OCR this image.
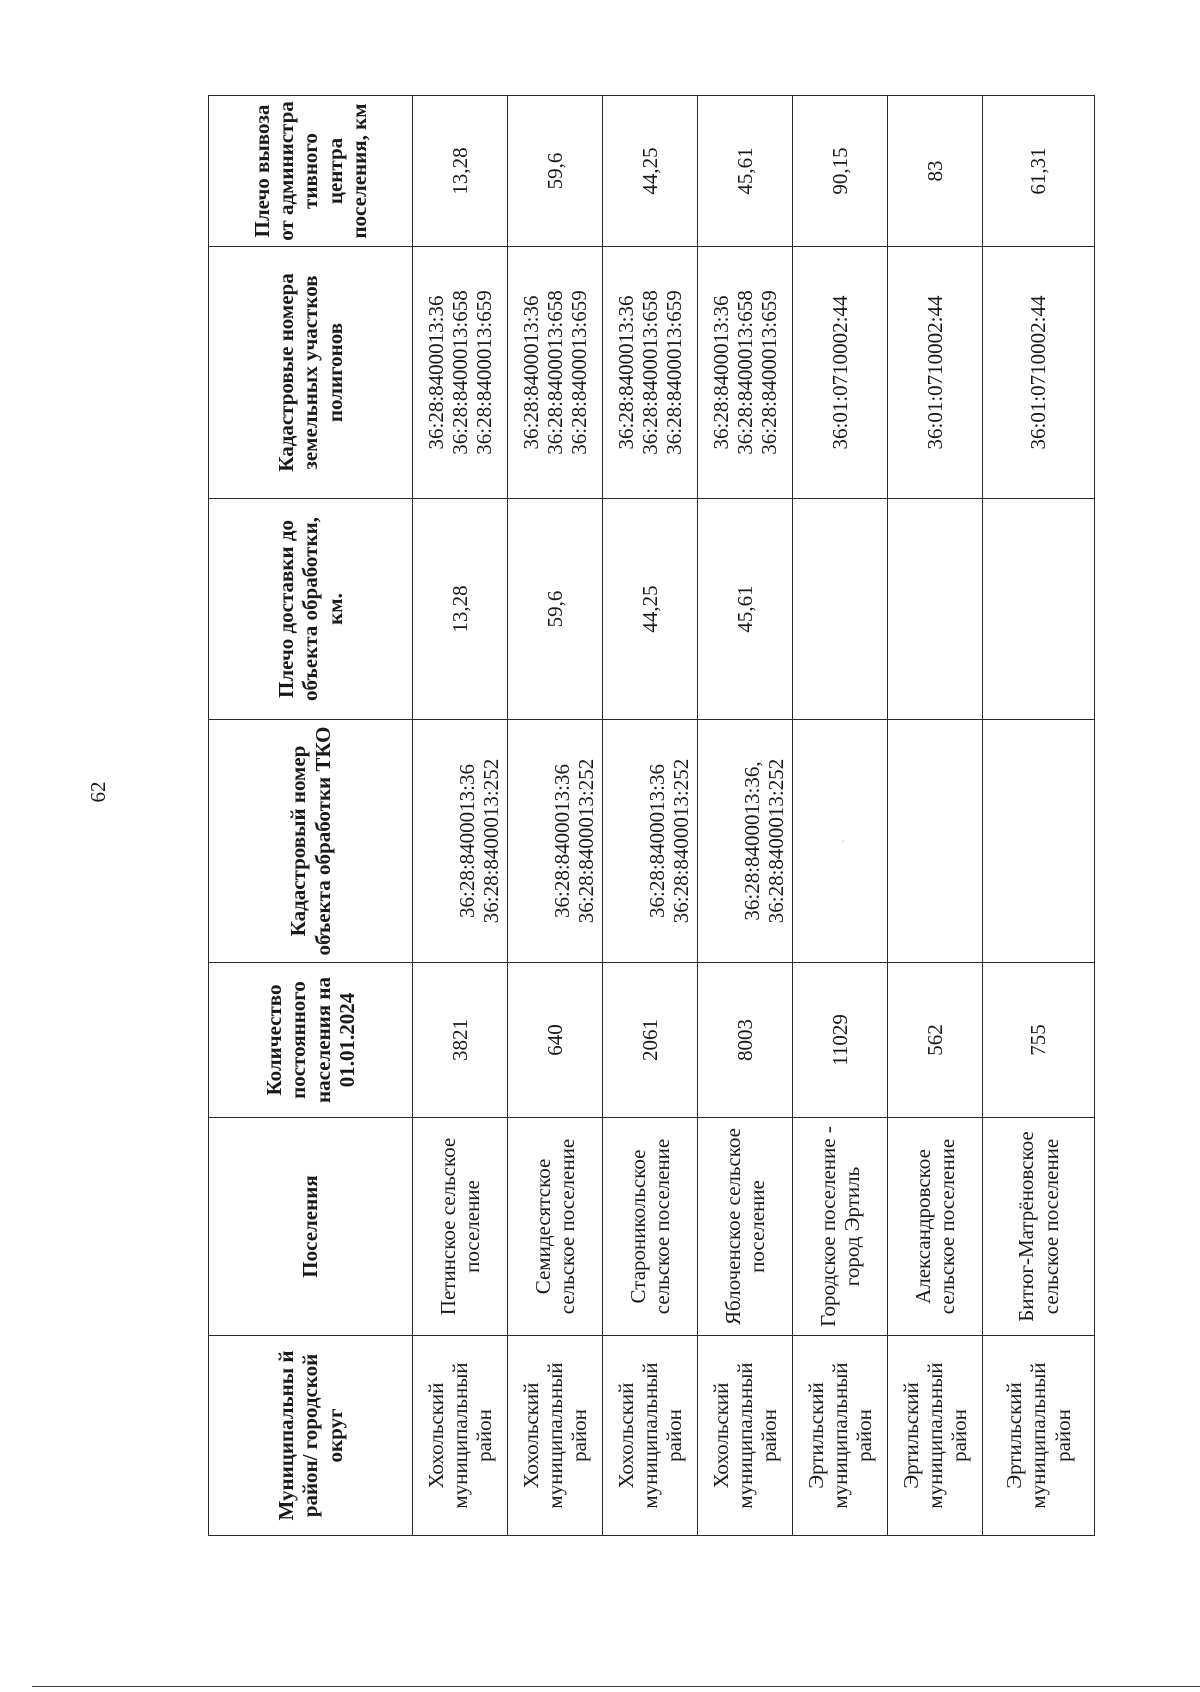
62
Муниципальны й район/ городской округ	Поселения	Количество постоянного населения на 01.01.2024	Кадастровый номер объекта обработки ТКО	Плечо доставки до объекта обработки, км.	Кадастровые номера земельных участков полигонов	Плечо вывоза от администра тивного центра поселения, км
Хохольский муниципальный район	Петинское сельское поселение	3821	36:28:8400013:36 36:28:8400013:252	13,28	36:28:8400013:36 36:28:8400013:658 36:28:8400013:659	13,28
Хохольский муниципальный район	Семидесятское сельское поселение	640	36:28:8400013:36 36:28:8400013:252	59,6	36:28:8400013:36 36:28:8400013:658 36:28:8400013:659	59,6
Хохольский муниципальный район	Староникольское сельское поселение	2061	36:28:8400013:36 36:28:8400013:252	44,25	36:28:8400013:36 36:28:8400013:658 36:28:8400013:659	44,25
Хохольский муниципальный район	Яблоченское сельское поселение	8003	36:28:8400013:36, 36:28:8400013:252	45,61	36:28:8400013:36 36:28:8400013:658 36:28:8400013:659	45,61
Эртильский муниципальный район	Городское поселение - город Эртиль	11029	·		36:01:0710002:44	90,15
Эртильский муниципальный район	Александровское сельское поселение	562			36:01:0710002:44	83
Эртильский муниципальный район	Битюг-Матрёновское сельское поселение	755			36:01:0710002:44	61,31
